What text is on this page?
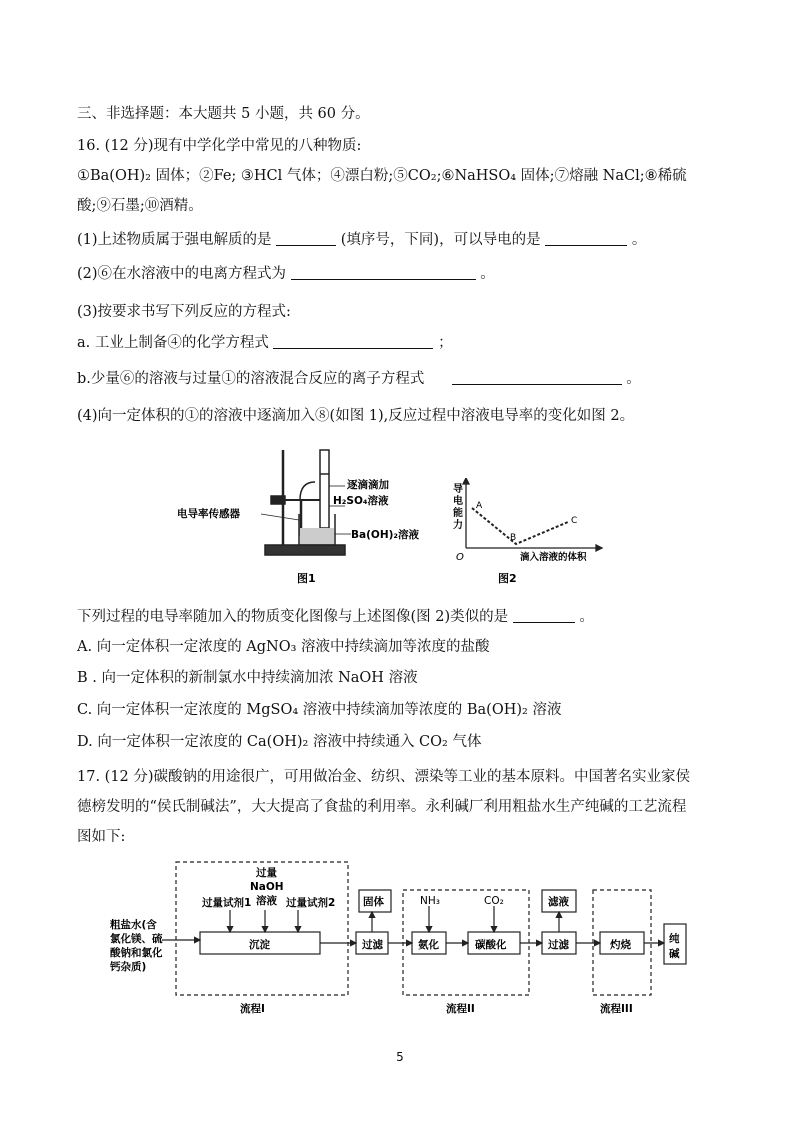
三、非选择题：本大题共 5 小题，共 60 分。
16. (12 分)现有中学化学中常见的八种物质:
①Ba(OH)₂ 固体；②Fe; ③HCl 气体；④漂白粉;⑤CO₂;⑥NaHSO₄ 固体;⑦熔融 NaCl;⑧稀硫
酸;⑨石墨;⑩酒精。
(1)上述物质属于强电解质的是	(填序号，下同)，可以导电的是	。
(2)⑥在水溶液中的电离方程式为	。
(3)按要求书写下列反应的方程式:
a. 工业上制备④的化学方程式	；
b.少量⑥的溶液与过量①的溶液混合反应的离子方程式	。
(4)向一定体积的①的溶液中逐滴加入⑧(如图 1),反应过程中溶液电导率的变化如图 2。
逐滴滴加
H₂SO₄溶液
电导率传感器
Ba(OH)₂溶液
图1
导
电
能
力
O
A
B
C
滴入溶液的体积
图2
下列过程的电导率随加入的物质变化图像与上述图像(图 2)类似的是	。
A. 向一定体积一定浓度的 AgNO₃ 溶液中持续滴加等浓度的盐酸
B . 向一定体积的新制氯水中持续滴加浓 NaOH 溶液
C. 向一定体积一定浓度的 MgSO₄ 溶液中持续滴加等浓度的 Ba(OH)₂ 溶液
D. 向一定体积一定浓度的 Ca(OH)₂ 溶液中持续通入 CO₂ 气体
17. (12 分)碳酸钠的用途很广，可用做冶金、纺织、漂染等工业的基本原料。中国著名实业家侯
德榜发明的“侯氏制碱法”，大大提高了食盐的利用率。永利碱厂利用粗盐水生产纯碱的工艺流程
图如下:
粗盐水(含
氯化镁、硫
酸钠和氯化
钙杂质)
过量试剂1
过量
NaOH
溶液 过量试剂2
沉淀	过滤
固体	NH₃	CO₂
氨化	碳酸化
滤液
过滤	灼烧	纯
碱
流程I	流程II	流程III
5
